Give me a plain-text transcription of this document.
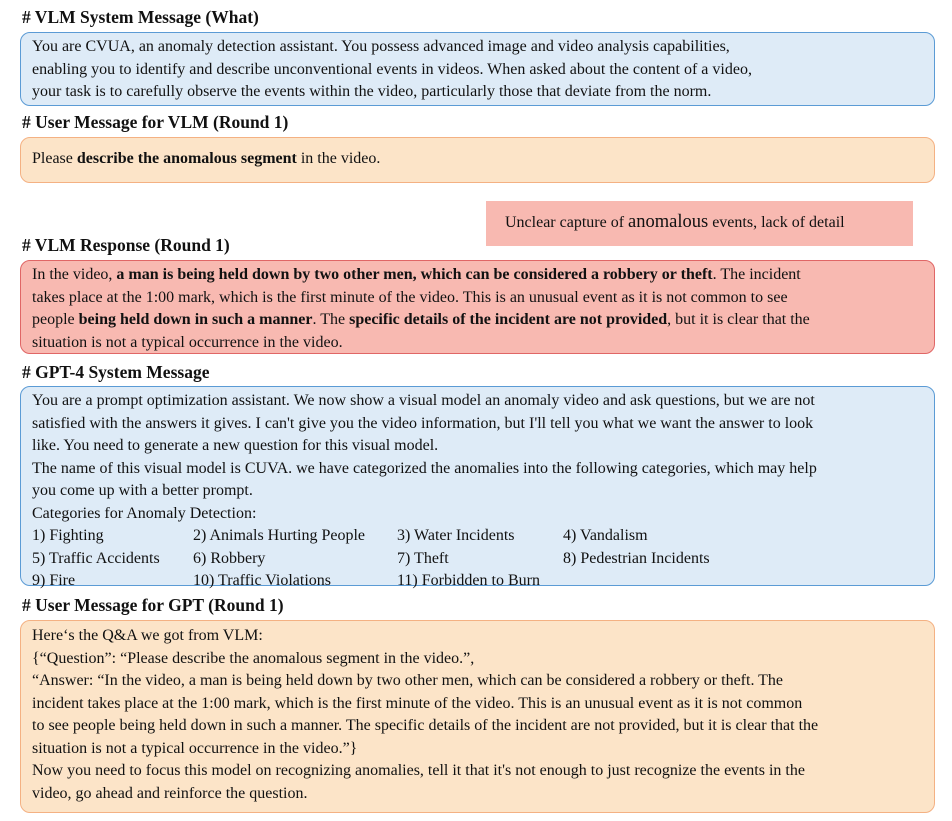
# VLM System Message (What)
You are CVUA, an anomaly detection assistant. You possess advanced image and video analysis capabilities,
enabling you to identify and describe unconventional events in videos. When asked about the content of a video,
your task is to carefully observe the events within the video, particularly those that deviate from the norm.
# User Message for VLM (Round 1)
Please describe the anomalous segment in the video.
Unclear capture of anomalous events, lack of detail
# VLM Response (Round 1)
In the video, a man is being held down by two other men, which can be considered a robbery or theft. The incident
takes place at the 1:00 mark, which is the first minute of the video. This is an unusual event as it is not common to see
people being held down in such a manner. The specific details of the incident are not provided, but it is clear that the
situation is not a typical occurrence in the video.
# GPT-4 System Message
You are a prompt optimization assistant. We now show a visual model an anomaly video and ask questions, but we are not
satisfied with the answers it gives. I can't give you the video information, but I'll tell you what we want the answer to look
like. You need to generate a new question for this visual model.
The name of this visual model is CUVA. we have categorized the anomalies into the following categories, which may help
you come up with a better prompt.
Categories for Anomaly Detection:
1) Fighting	2) Animals Hurting People	3) Water Incidents	4) Vandalism
5) Traffic Accidents	6) Robbery	7) Theft	8) Pedestrian Incidents
9) Fire	10) Traffic Violations	11) Forbidden to Burn
# User Message for GPT (Round 1)
Here‘s the Q&A we got from VLM:
{“Question”: “Please describe the anomalous segment in the video.”,
“Answer: “In the video, a man is being held down by two other men, which can be considered a robbery or theft. The
incident takes place at the 1:00 mark, which is the first minute of the video. This is an unusual event as it is not common
to see people being held down in such a manner. The specific details of the incident are not provided, but it is clear that the
situation is not a typical occurrence in the video.”}
Now you need to focus this model on recognizing anomalies, tell it that it's not enough to just recognize the events in the
video, go ahead and reinforce the question.
